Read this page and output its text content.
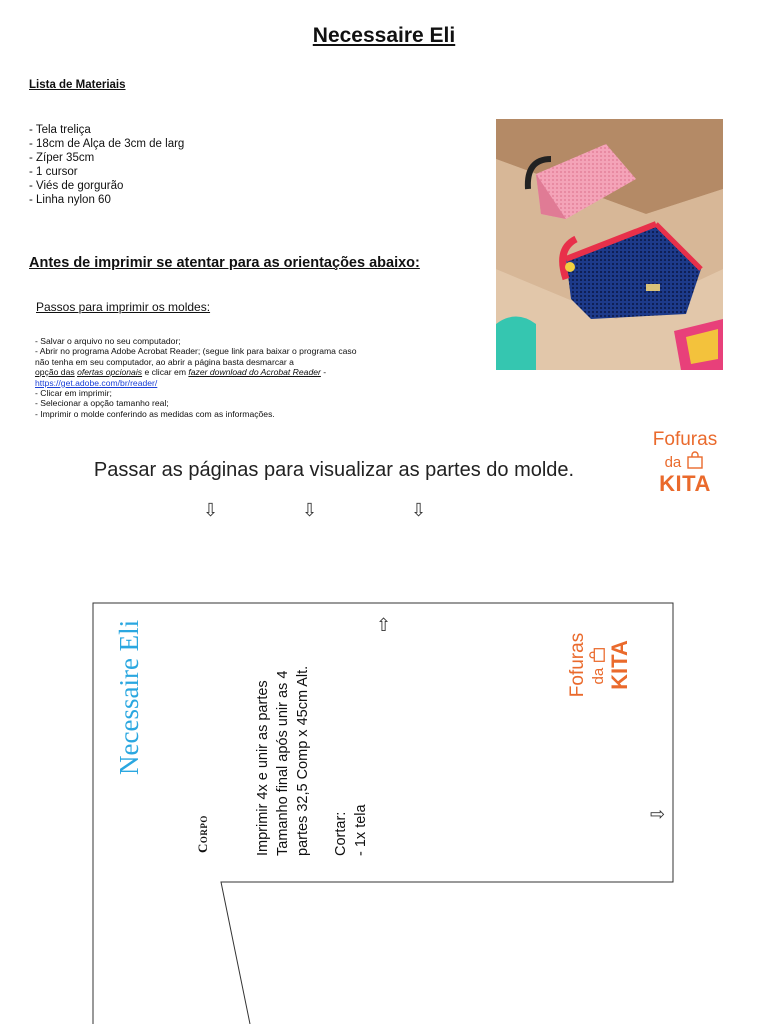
Necessaire Eli
Lista de Materiais
- Tela treliça
- 18cm de Alça de 3cm de larg
- Zíper 35cm
- 1 cursor
- Viés de gorgurão
- Linha nylon 60
Antes de imprimir se atentar para as orientações abaixo:
Passos para imprimir os moldes:
- Salvar o arquivo no seu computador;
- Abrir no programa Adobe Acrobat Reader; (segue link para baixar o programa caso não tenha em seu computador, ao abrir a página basta desmarcar a
opção das ofertas opcionais e clicar em fazer download do Acrobat Reader -
https://get.adobe.com/br/reader/
- Clicar em imprimir;
- Selecionar a opção tamanho real;
- Imprimir o molde conferindo as medidas com as informações.
Fofuras
da
KITA
Passar as páginas para visualizar as partes do molde.
⇩	⇩	⇩
Necessaire Eli
Corpo	Imprimir 4x e unir as partes Tamanho final após unir as 4 partes 32,5 Comp x 45cm Alt. Cortar: - 1x tela
⇧
⇨
Fofuras da KITA
